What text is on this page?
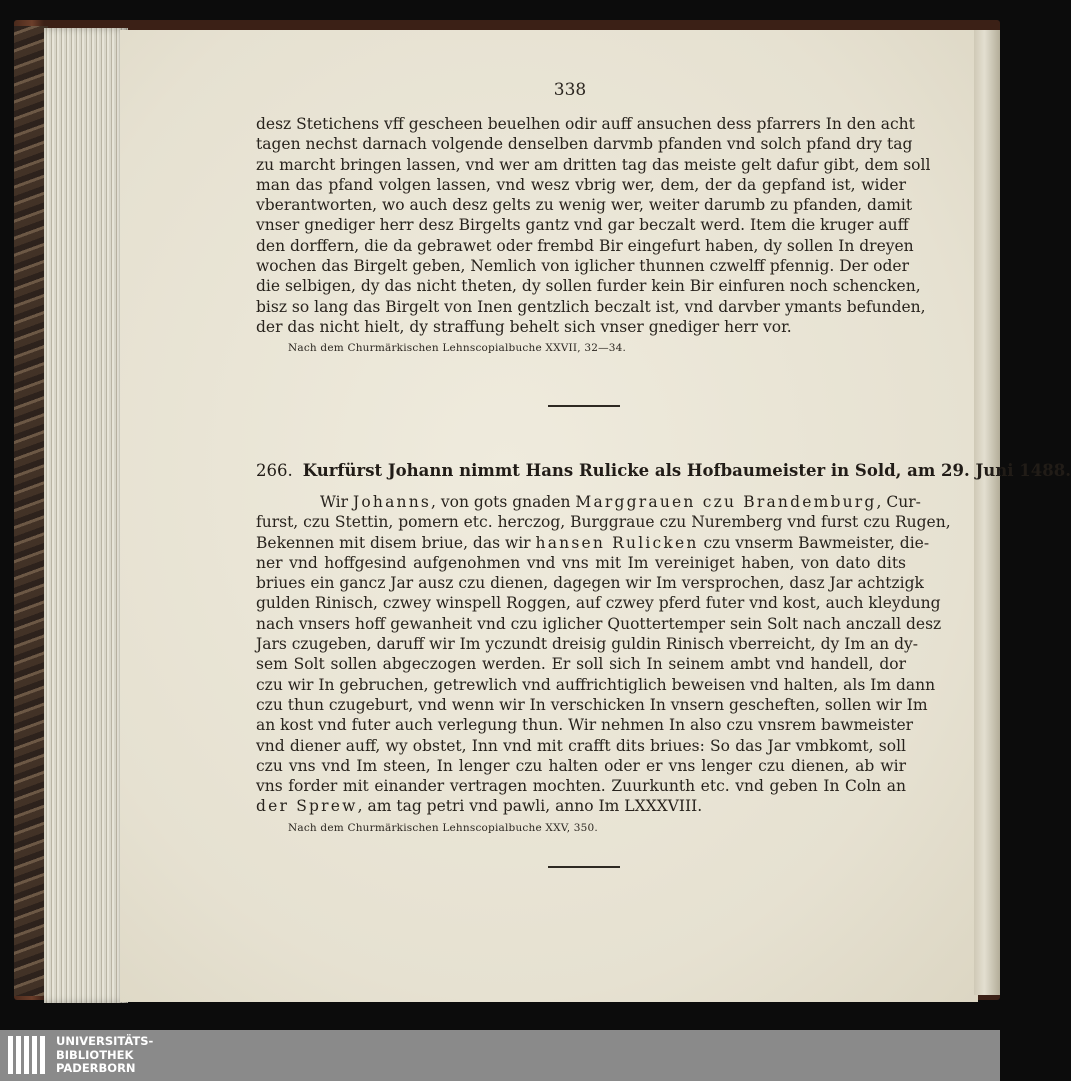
338
desz Stetichens vff gescheen beuelhen odir auff ansuchen dess pfarrers In den acht
tagen nechst darnach volgende denselben darvmb pfanden vnd solch pfand dry tag
zu marcht bringen lassen, vnd wer am dritten tag das meiste gelt dafur gibt, dem soll
man das pfand volgen lassen, vnd wesz vbrig wer, dem, der da gepfand ist, wider
vberantworten, wo auch desz gelts zu wenig wer, weiter darumb zu pfanden, damit
vnser gnediger herr desz Birgelts gantz vnd gar beczalt werd. Item die kruger auff
den dorffern, die da gebrawet oder frembd Bir eingefurt haben, dy sollen In dreyen
wochen das Birgelt geben, Nemlich von iglicher thunnen czwelff pfennig. Der oder
die selbigen, dy das nicht theten, dy sollen furder kein Bir einfuren noch schencken,
bisz so lang das Birgelt von Inen gentzlich beczalt ist, vnd darvber ymants befunden,
der das nicht hielt, dy straffung behelt sich vnser gnediger herr vor.
Nach dem Churmärkischen Lehnscopialbuche XXVII, 32—34.
266. Kurfürst Johann nimmt Hans Rulicke als Hofbaumeister in Sold, am 29. Juni 1488.
Wir Johanns, von gots gnaden Marggrauen czu Brandemburg, Cur-
furst, czu Stettin, pomern etc. herczog, Burggraue czu Nuremberg vnd furst czu Rugen,
Bekennen mit disem briue, das wir hansen Rulicken czu vnserm Bawmeister, die-
ner vnd hoffgesind aufgenohmen vnd vns mit Im vereiniget haben, von dato dits
briues ein gancz Jar ausz czu dienen, dagegen wir Im versprochen, dasz Jar achtzigk
gulden Rinisch, czwey winspell Roggen, auf czwey pferd futer vnd kost, auch kleydung
nach vnsers hoff gewanheit vnd czu iglicher Quottertemper sein Solt nach anczall desz
Jars czugeben, daruff wir Im yczundt dreisig guldin Rinisch vberreicht, dy Im an dy-
sem Solt sollen abgeczogen werden. Er soll sich In seinem ambt vnd handell, dor
czu wir In gebruchen, getrewlich vnd auffrichtiglich beweisen vnd halten, als Im dann
czu thun czugeburt, vnd wenn wir In verschicken In vnsern gescheften, sollen wir Im
an kost vnd futer auch verlegung thun. Wir nehmen In also czu vnsrem bawmeister
vnd diener auff, wy obstet, Inn vnd mit crafft dits briues: So das Jar vmbkomt, soll
czu vns vnd Im steen, In lenger czu halten oder er vns lenger czu dienen, ab wir
vns forder mit einander vertragen mochten. Zuurkunth etc. vnd geben In Coln an
der Sprew, am tag petri vnd pawli, anno Im LXXXVIII.
Nach dem Churmärkischen Lehnscopialbuche XXV, 350.
UNIVERSITÄTS-
BIBLIOTHEK
PADERBORN
